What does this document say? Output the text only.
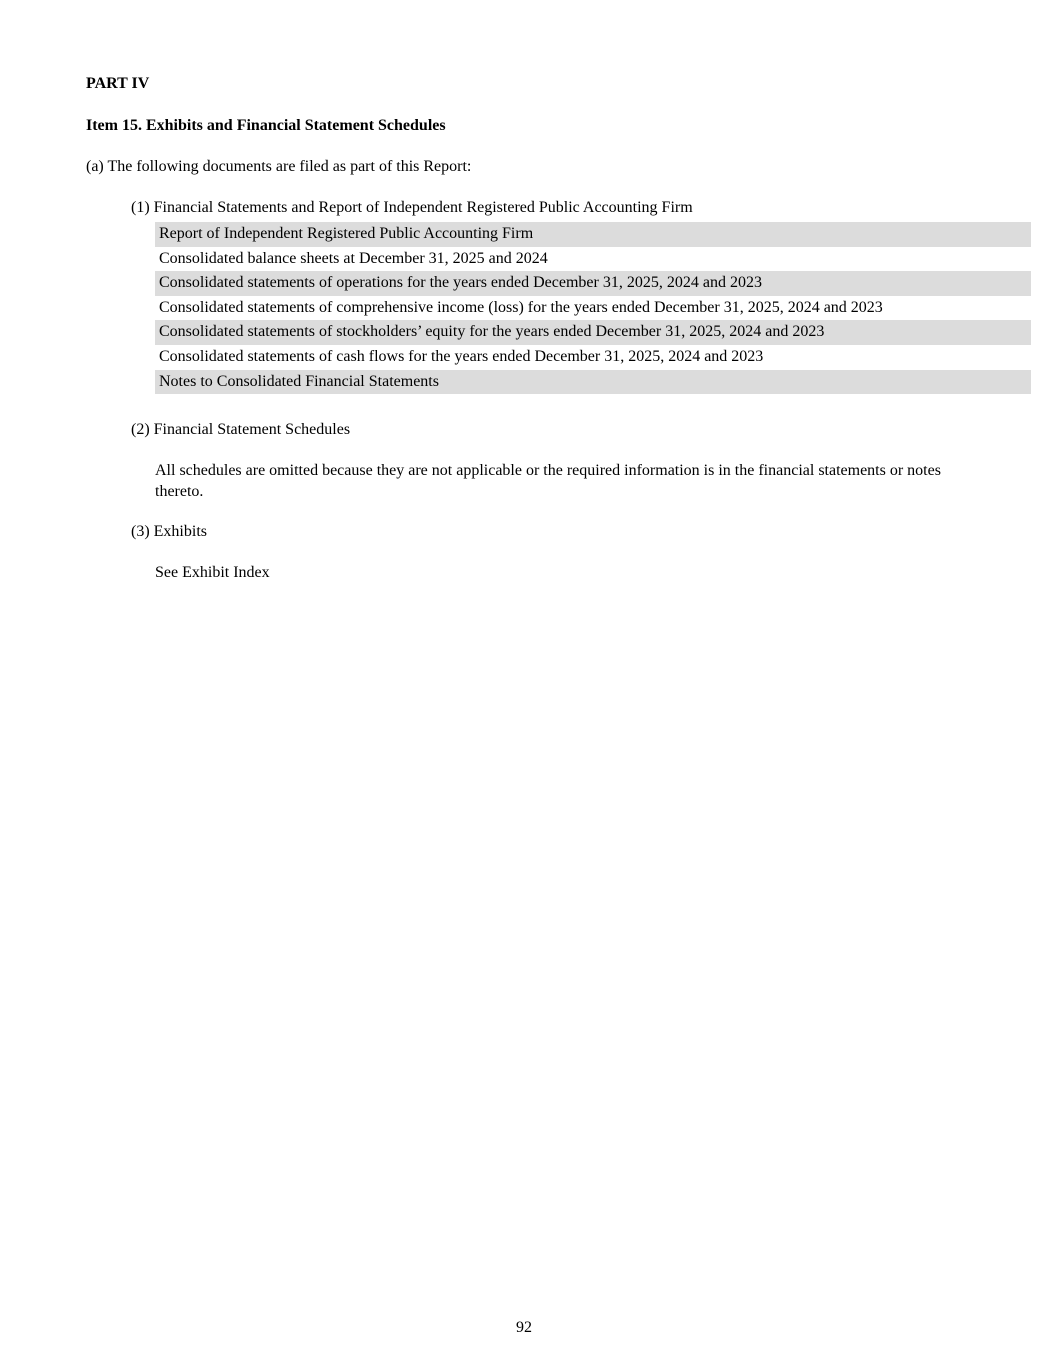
PART IV
Item 15. Exhibits and Financial Statement Schedules
(a) The following documents are filed as part of this Report:
(1) Financial Statements and Report of Independent Registered Public Accounting Firm
Report of Independent Registered Public Accounting Firm
Consolidated balance sheets at December 31, 2025 and 2024
Consolidated statements of operations for the years ended December 31, 2025, 2024 and 2023
Consolidated statements of comprehensive income (loss) for the years ended December 31, 2025, 2024 and 2023
Consolidated statements of stockholders’ equity for the years ended December 31, 2025, 2024 and 2023
Consolidated statements of cash flows for the years ended December 31, 2025, 2024 and 2023
Notes to Consolidated Financial Statements
(2) Financial Statement Schedules
All schedules are omitted because they are not applicable or the required information is in the financial statements or notes thereto.
(3) Exhibits
See Exhibit Index
92
